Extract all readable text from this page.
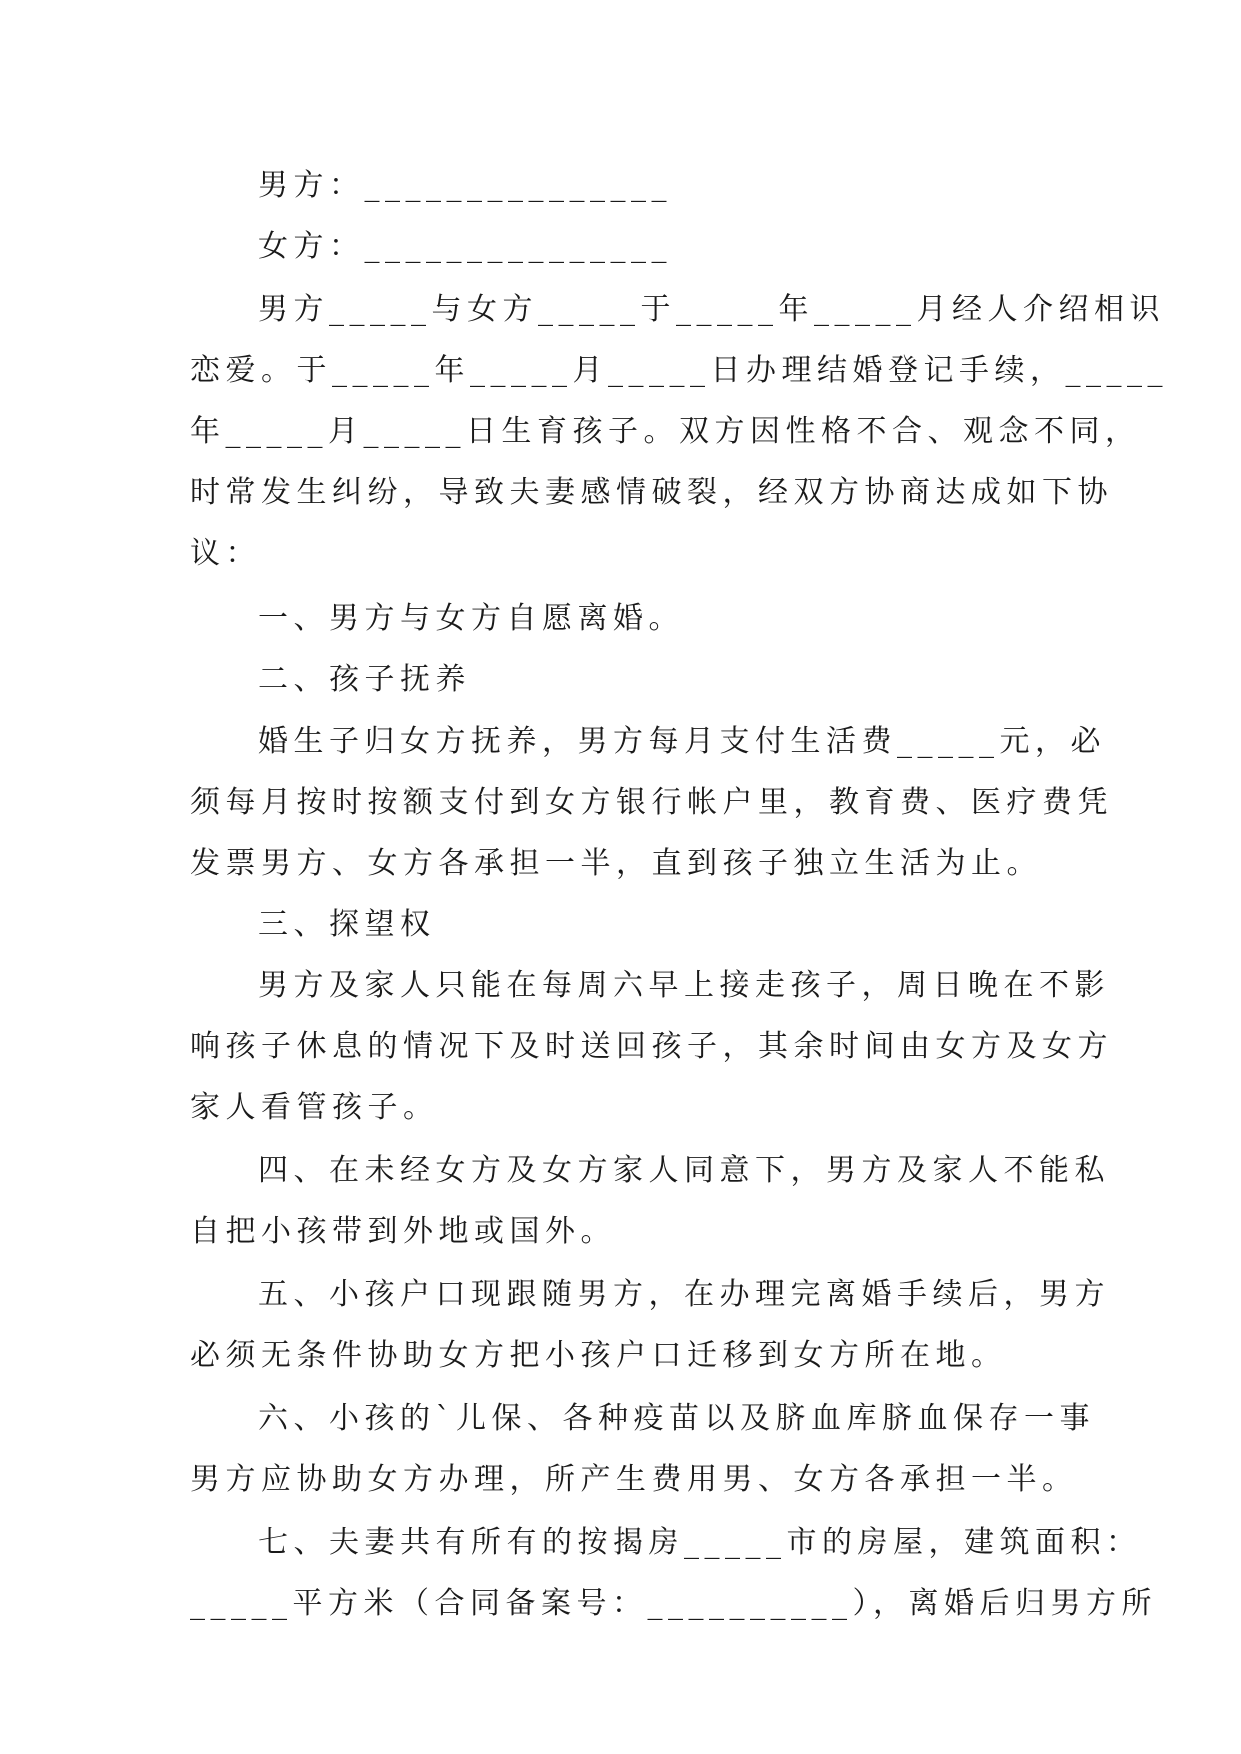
男方：_______________

女方：_______________

男方_____与女方_____于_____年_____月经人介绍相识

恋爱。于_____年_____月_____日办理结婚登记手续，_____

年_____月_____日生育孩子。双方因性格不合、观念不同，

时常发生纠纷，导致夫妻感情破裂，经双方协商达成如下协

议：

一、男方与女方自愿离婚。

二、孩子抚养

婚生子归女方抚养，男方每月支付生活费_____元，必

须每月按时按额支付到女方银行帐户里，教育费、医疗费凭

发票男方、女方各承担一半，直到孩子独立生活为止。

三、探望权

男方及家人只能在每周六早上接走孩子，周日晚在不影

响孩子休息的情况下及时送回孩子，其余时间由女方及女方

家人看管孩子。

四、在未经女方及女方家人同意下，男方及家人不能私

自把小孩带到外地或国外。

五、小孩户口现跟随男方，在办理完离婚手续后，男方

必须无条件协助女方把小孩户口迁移到女方所在地。

六、小孩的`儿保、各种疫苗以及脐血库脐血保存一事

男方应协助女方办理，所产生费用男、女方各承担一半。

七、夫妻共有所有的按揭房_____市的房屋，建筑面积：

_____平方米（合同备案号：__________），离婚后归男方所
